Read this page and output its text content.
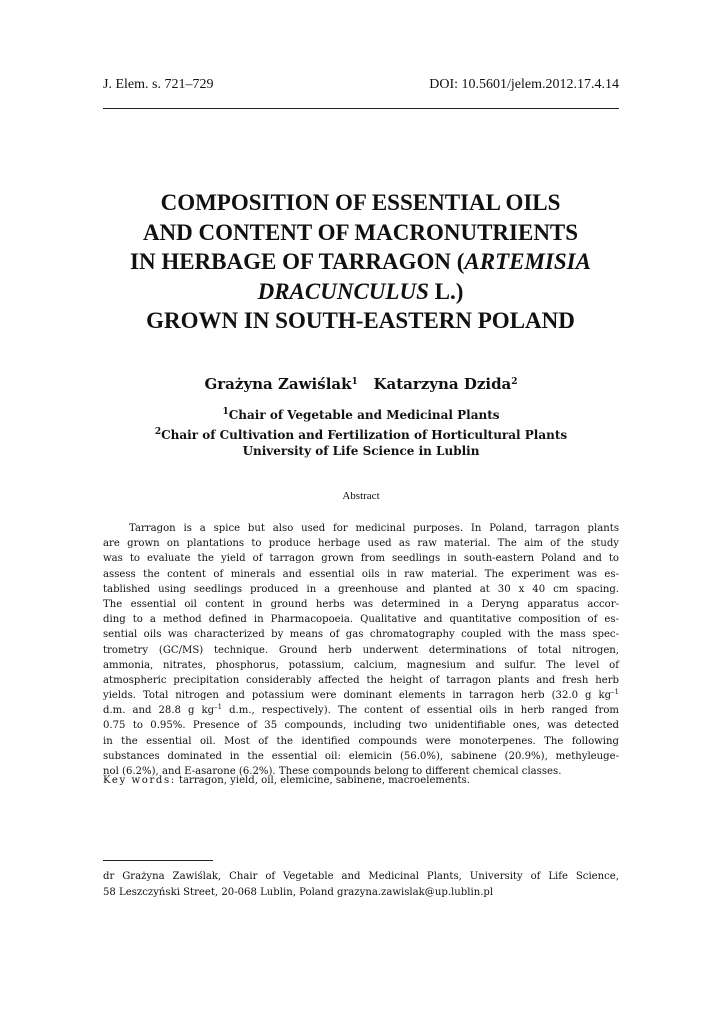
J. Elem. s. 721–729	DOI: 10.5601/jelem.2012.17.4.14
COMPOSITION OF ESSENTIAL OILS
AND CONTENT OF MACRONUTRIENTS
IN HERBAGE OF TARRAGON (ARTEMISIA
DRACUNCULUS L.)
GROWN IN SOUTH-EASTERN POLAND
Grażyna Zawiślak$^1$ Katarzyna Dzida$^2$
$^1$Chair of Vegetable and Medicinal Plants
$^2$Chair of Cultivation and Fertilization of Horticultural Plants
University of Life Science in Lublin
Abstract
Tarragon is a spice but also used for medicinal purposes. In Poland, tarragon plants
are grown on plantations to produce herbage used as raw material. The aim of the study
was to evaluate the yield of tarragon grown from seedlings in south-eastern Poland and to
assess the content of minerals and essential oils in raw material. The experiment was es-
tablished using seedlings produced in a greenhouse and planted at 30 x 40 cm spacing.
The essential oil content in ground herbs was determined in a Deryng apparatus accor-
ding to a method defined in Pharmacopoeia. Qualitative and quantitative composition of es-
sential oils was characterized by means of gas chromatography coupled with the mass spec-
trometry (GC/MS) technique. Ground herb underwent determinations of total nitrogen,
ammonia, nitrates, phosphorus, potassium, calcium, magnesium and sulfur. The level of
atmospheric precipitation considerably affected the height of tarragon plants and fresh herb
yields. Total nitrogen and potassium were dominant elements in tarragon herb (32.0 g $kg^{-1}$
d.m. and 28.8 g $kg^{-1}$ d.m., respectively). The content of essential oils in herb ranged from
0.75 to 0.95%. Presence of 35 compounds, including two unidentifiable ones, was detected
in the essential oil. Most of the identified compounds were monoterpenes. The following
substances dominated in the essential oil: elemicin (56.0%), sabinene (20.9%), methyleuge-
nol (6.2%), and E-asarone (6.2%). These compounds belong to different chemical classes.
Key words: tarragon, yield, oil, elemicine, sabinene, macroelements.
dr Grażyna Zawiślak, Chair of Vegetable and Medicinal Plants, University of Life Science,
58 Leszczyński Street, 20-068 Lublin, Poland grazyna.zawislak@up.lublin.pl
